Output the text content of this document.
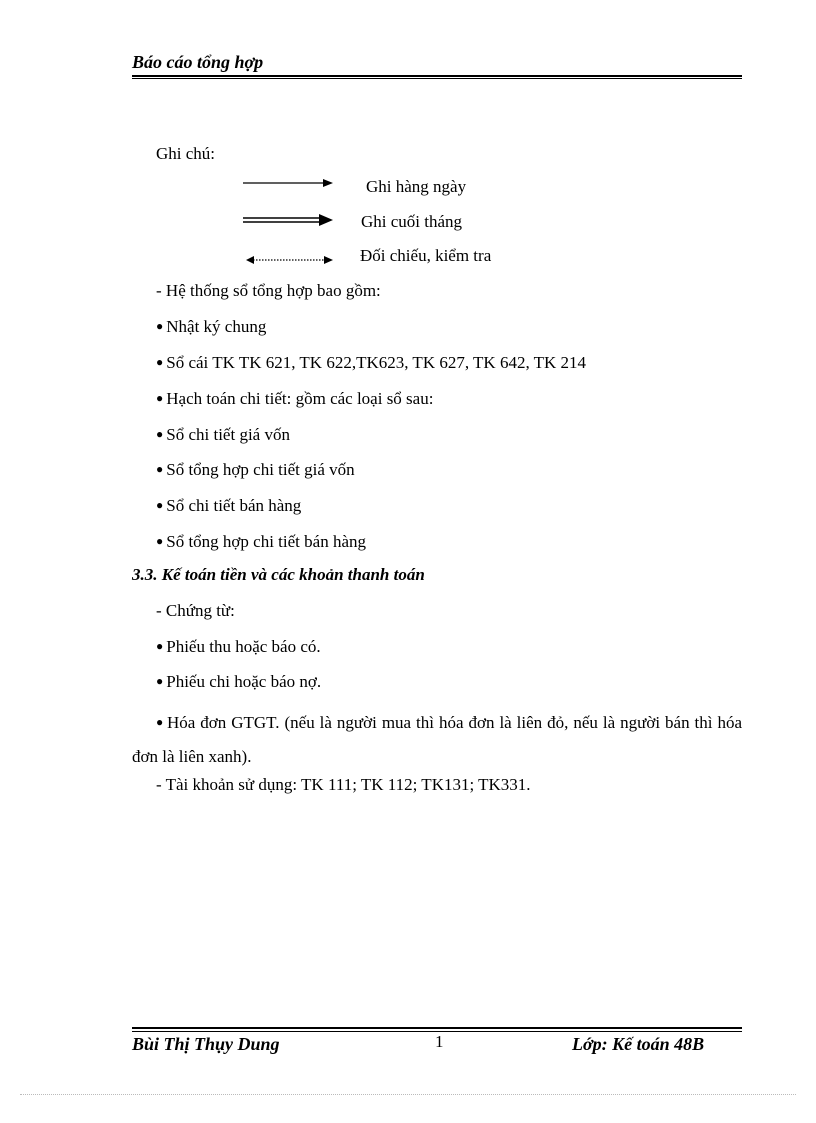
Báo cáo tổng hợp
Ghi chú:
Ghi hàng ngày
Ghi cuối tháng
Đối chiếu, kiểm tra
- Hệ thống sổ tổng hợp bao gồm:
● Nhật ký chung
● Sổ cái TK TK 621, TK 622,TK623, TK 627, TK 642, TK 214
● Hạch toán chi tiết: gồm các loại sổ sau:
● Sổ chi tiết giá vốn
● Sổ tổng hợp chi tiết giá vốn
● Sổ chi tiết bán hàng
● Sổ tổng hợp chi tiết bán hàng
3.3. Kế toán tiền và các khoản thanh toán
- Chứng từ:
● Phiếu thu hoặc báo có.
● Phiếu chi hoặc báo nợ.
● Hóa đơn GTGT. (nếu là người mua thì hóa đơn là liên đỏ, nếu là người bán thì hóa đơn là liên xanh).
- Tài khoản sử dụng: TK 111; TK 112; TK131; TK331.
Bùi Thị Thụy Dung	1	Lớp: Kế toán 48B
